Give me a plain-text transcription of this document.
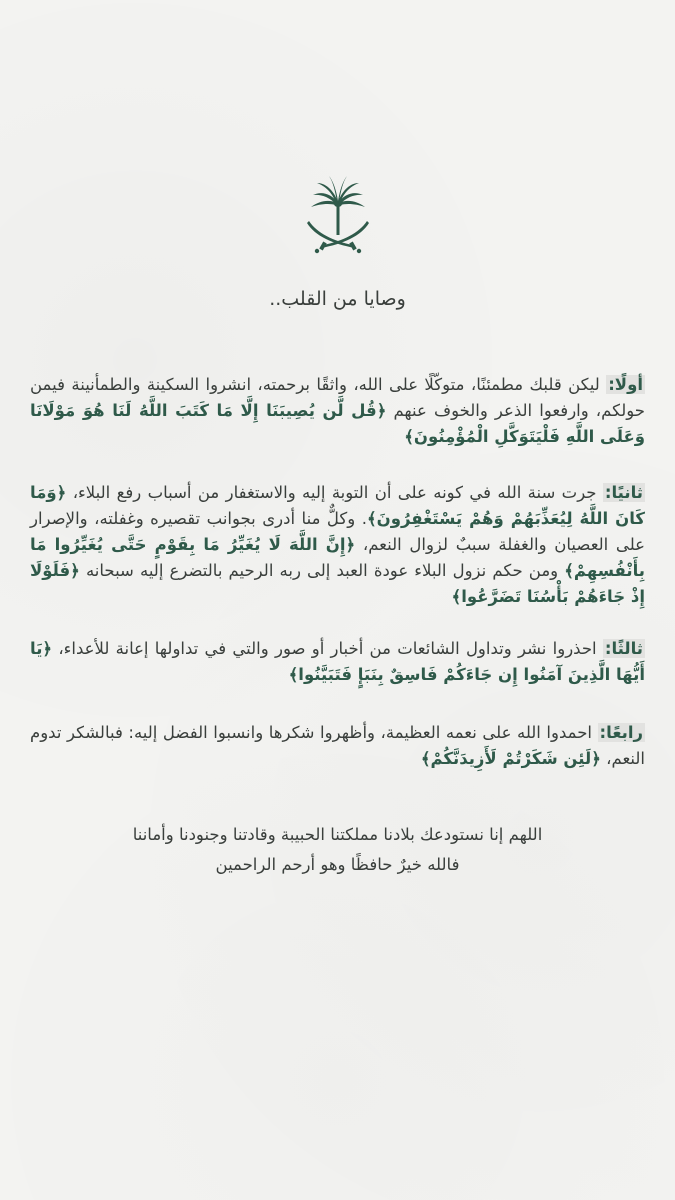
وصايا من القلب..

أولًا: ليكن قلبك مطمئنًا، متوكّلًا على الله، واثقًا برحمته، انشروا السكينة والطمأنينة فيمن حولكم، وارفعوا الذعر والخوف عنهم ﴿قُل لَّن يُصِيبَنَا إِلَّا مَا كَتَبَ اللَّهُ لَنَا هُوَ مَوْلَانَا وَعَلَى اللَّهِ فَلْيَتَوَكَّلِ الْمُؤْمِنُونَ﴾

ثانيًا: جرت سنة الله في كونه على أن التوبة إليه والاستغفار من أسباب رفع البلاء، ﴿وَمَا كَانَ اللَّهُ لِيُعَذِّبَهُمْ وَهُمْ يَسْتَغْفِرُونَ﴾. وكلٌّ منا أدرى بجوانب تقصيره وغفلته، والإصرار على العصيان والغفلة سببٌ لزوال النعم، ﴿إِنَّ اللَّهَ لَا يُغَيِّرُ مَا بِقَوْمٍ حَتَّى يُغَيِّرُوا مَا بِأَنْفُسِهِمْ﴾ ومن حكم نزول البلاء عودة العبد إلى ربه الرحيم بالتضرع إليه سبحانه ﴿فَلَوْلَا إِذْ جَاءَهُمْ بَأْسُنَا تَضَرَّعُوا﴾

ثالثًا: احذروا نشر وتداول الشائعات من أخبار أو صور والتي في تداولها إعانة للأعداء، ﴿يَا أَيُّهَا الَّذِينَ آمَنُوا إِن جَاءَكُمْ فَاسِقٌ بِنَبَإٍ فَتَبَيَّنُوا﴾

رابعًا: احمدوا الله على نعمه العظيمة، وأظهروا شكرها وانسبوا الفضل إليه: فبالشكر تدوم النعم، ﴿لَئِن شَكَرْتُمْ لَأَزِيدَنَّكُمْ﴾

اللهم إنا نستودعك بلادنا مملكتنا الحبيبة وقادتنا وجنودنا وأماننا
فالله خيرٌ حافظًا وهو أرحم الراحمين
